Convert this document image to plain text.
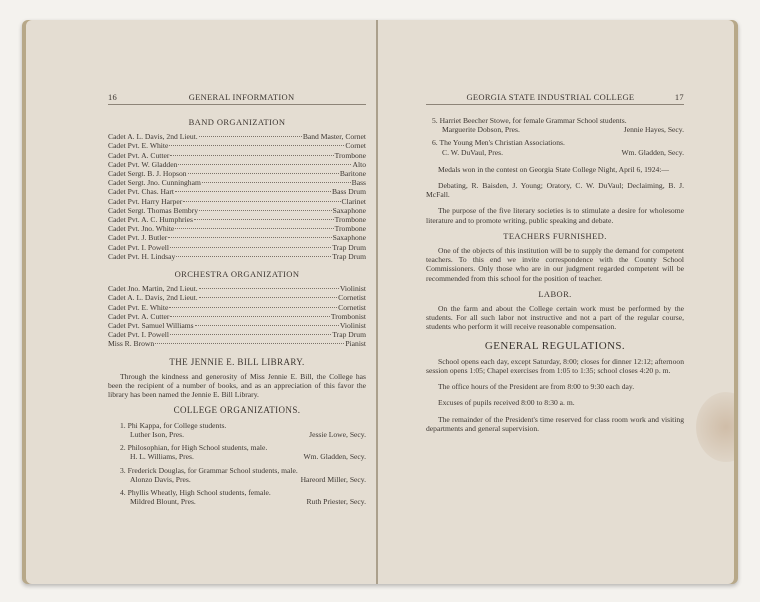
16	GENERAL INFORMATION
BAND ORGANIZATION
Cadet A. L. Davis, 2nd Lieut.	Band Master, Cornet
Cadet Pvt. E. White	Cornet
Cadet Pvt. A. Cutter	Trombone
Cadet Pvt. W. Gladden	Alto
Cadet Sergt. B. J. Hopson	Baritone
Cadet Sergt. Jno. Cunningham	Bass
Cadet Pvt. Chas. Hart	Bass Drum
Cadet Pvt. Harry Harper	Clarinet
Cadet Sergt. Thomas Bembry	Saxaphone
Cadet Pvt. A. C. Humphries	Trombone
Cadet Pvt. Jno. White	Trombone
Cadet Pvt. J. Butler	Saxaphone
Cadet Pvt. I. Powell	Trap Drum
Cadet Pvt. H. Lindsay	Trap Drum
ORCHESTRA ORGANIZATION
Cadet Jno. Martin, 2nd Lieut.	Violinist
Cadet A. L. Davis, 2nd Lieut.	Cornetist
Cadet Pvt. E. White	Cornetist
Cadet Pvt. A. Cutter	Trombonist
Cadet Pvt. Samuel Williams	Violinist
Cadet Pvt. I. Powell	Trap Drum
Miss R. Brown	Pianist
THE JENNIE E. BILL LIBRARY.

Through the kindness and generosity of Miss Jennie E. Bill, the College has been the recipient of a number of books, and as an appreciation of this favor the library has been named the Jennie E. Bill Library.

COLLEGE ORGANIZATIONS.
1. Phi Kappa, for College students.
Luther Ison, Pres.	Jessie Lowe, Secy.
2. Philosophian, for High School students, male.
H. L. Williams, Pres.	Wm. Gladden, Secy.
3. Frederick Douglas, for Grammar School students, male.
Alonzo Davis, Pres.	Hareord Miller, Secy.
4. Phyllis Wheatly, High School students, female.
Mildred Blount, Pres.	Ruth Priester, Secy.
GEORGIA STATE INDUSTRIAL COLLEGE	17
5. Harriet Beecher Stowe, for female Grammar School students.
Marguerite Dobson, Pres.	Jennie Hayes, Secy.
6. The Young Men's Christian Associations.
C. W. DuVaul, Pres.	Wm. Gladden, Secy.

Medals won in the contest on Georgia State College Night, April 6, 1924:—

Debating, R. Baisden, J. Young; Oratory, C. W. DuVaul; Declaiming, B. J. McFall.

The purpose of the five literary societies is to stimulate a desire for wholesome literature and to promote writing, public speaking and debate.

TEACHERS FURNISHED.

One of the objects of this institution will be to supply the demand for competent teachers. To this end we invite correspondence with the County School Commissioners. Only those who are in our judgment regarded competent will be recommended from this school for the position of teacher.

LABOR.

On the farm and about the College certain work must be performed by the students. For all such labor not instructive and not a part of the regular course, students who perform it will receive reasonable compensation.

GENERAL REGULATIONS.

School opens each day, except Saturday, 8:00; closes for dinner 12:12; afternoon session opens 1:05; Chapel exercises from 1:05 to 1:35; school closes 4:20 p. m.

The office hours of the President are from 8:00 to 9:30 each day.

Excuses of pupils received 8:00 to 8:30 a. m.

The remainder of the President's time reserved for class room work and visiting departments and general supervision.
